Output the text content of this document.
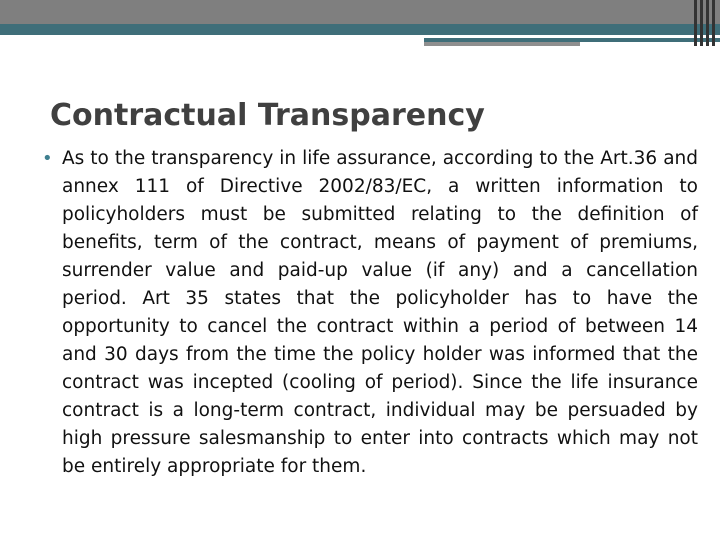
Contractual Transparency
• As to the transparency in life assurance, according to the Art.36 and annex 111 of Directive 2002/83/EC, a written information to policyholders must be submitted relating to the definition of benefits, term of the contract, means of payment of premiums, surrender value and paid-up value (if any) and a cancellation period. Art 35 states that the policyholder has to have the opportunity to cancel the contract within a period of between 14 and 30 days from the time the policy holder was informed that the contract was incepted (cooling of period). Since the life insurance contract is a long-term contract, individual may be persuaded by high pressure salesmanship to enter into contracts which may not be entirely appropriate for them.
